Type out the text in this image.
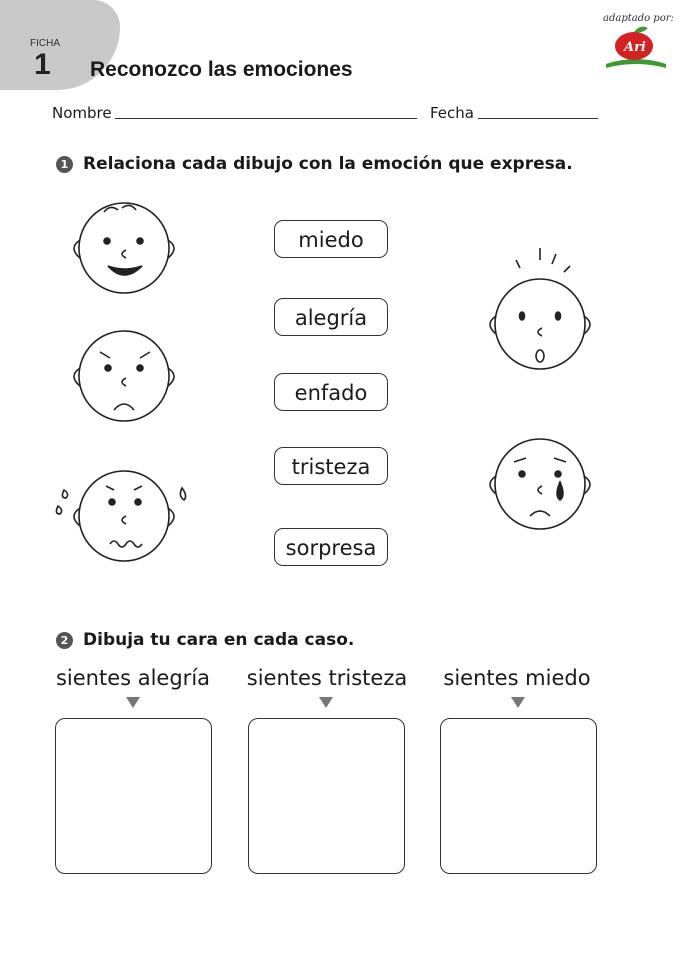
FICHA
1 Reconozco las emociones
adaptado por:
Ari
Nombre	Fecha
1 Relaciona cada dibujo con la emoción que expresa.
miedo
alegría
enfado
tristeza
sorpresa
2 Dibuja tu cara en cada caso.
sientes alegría	sientes tristeza	sientes miedo
